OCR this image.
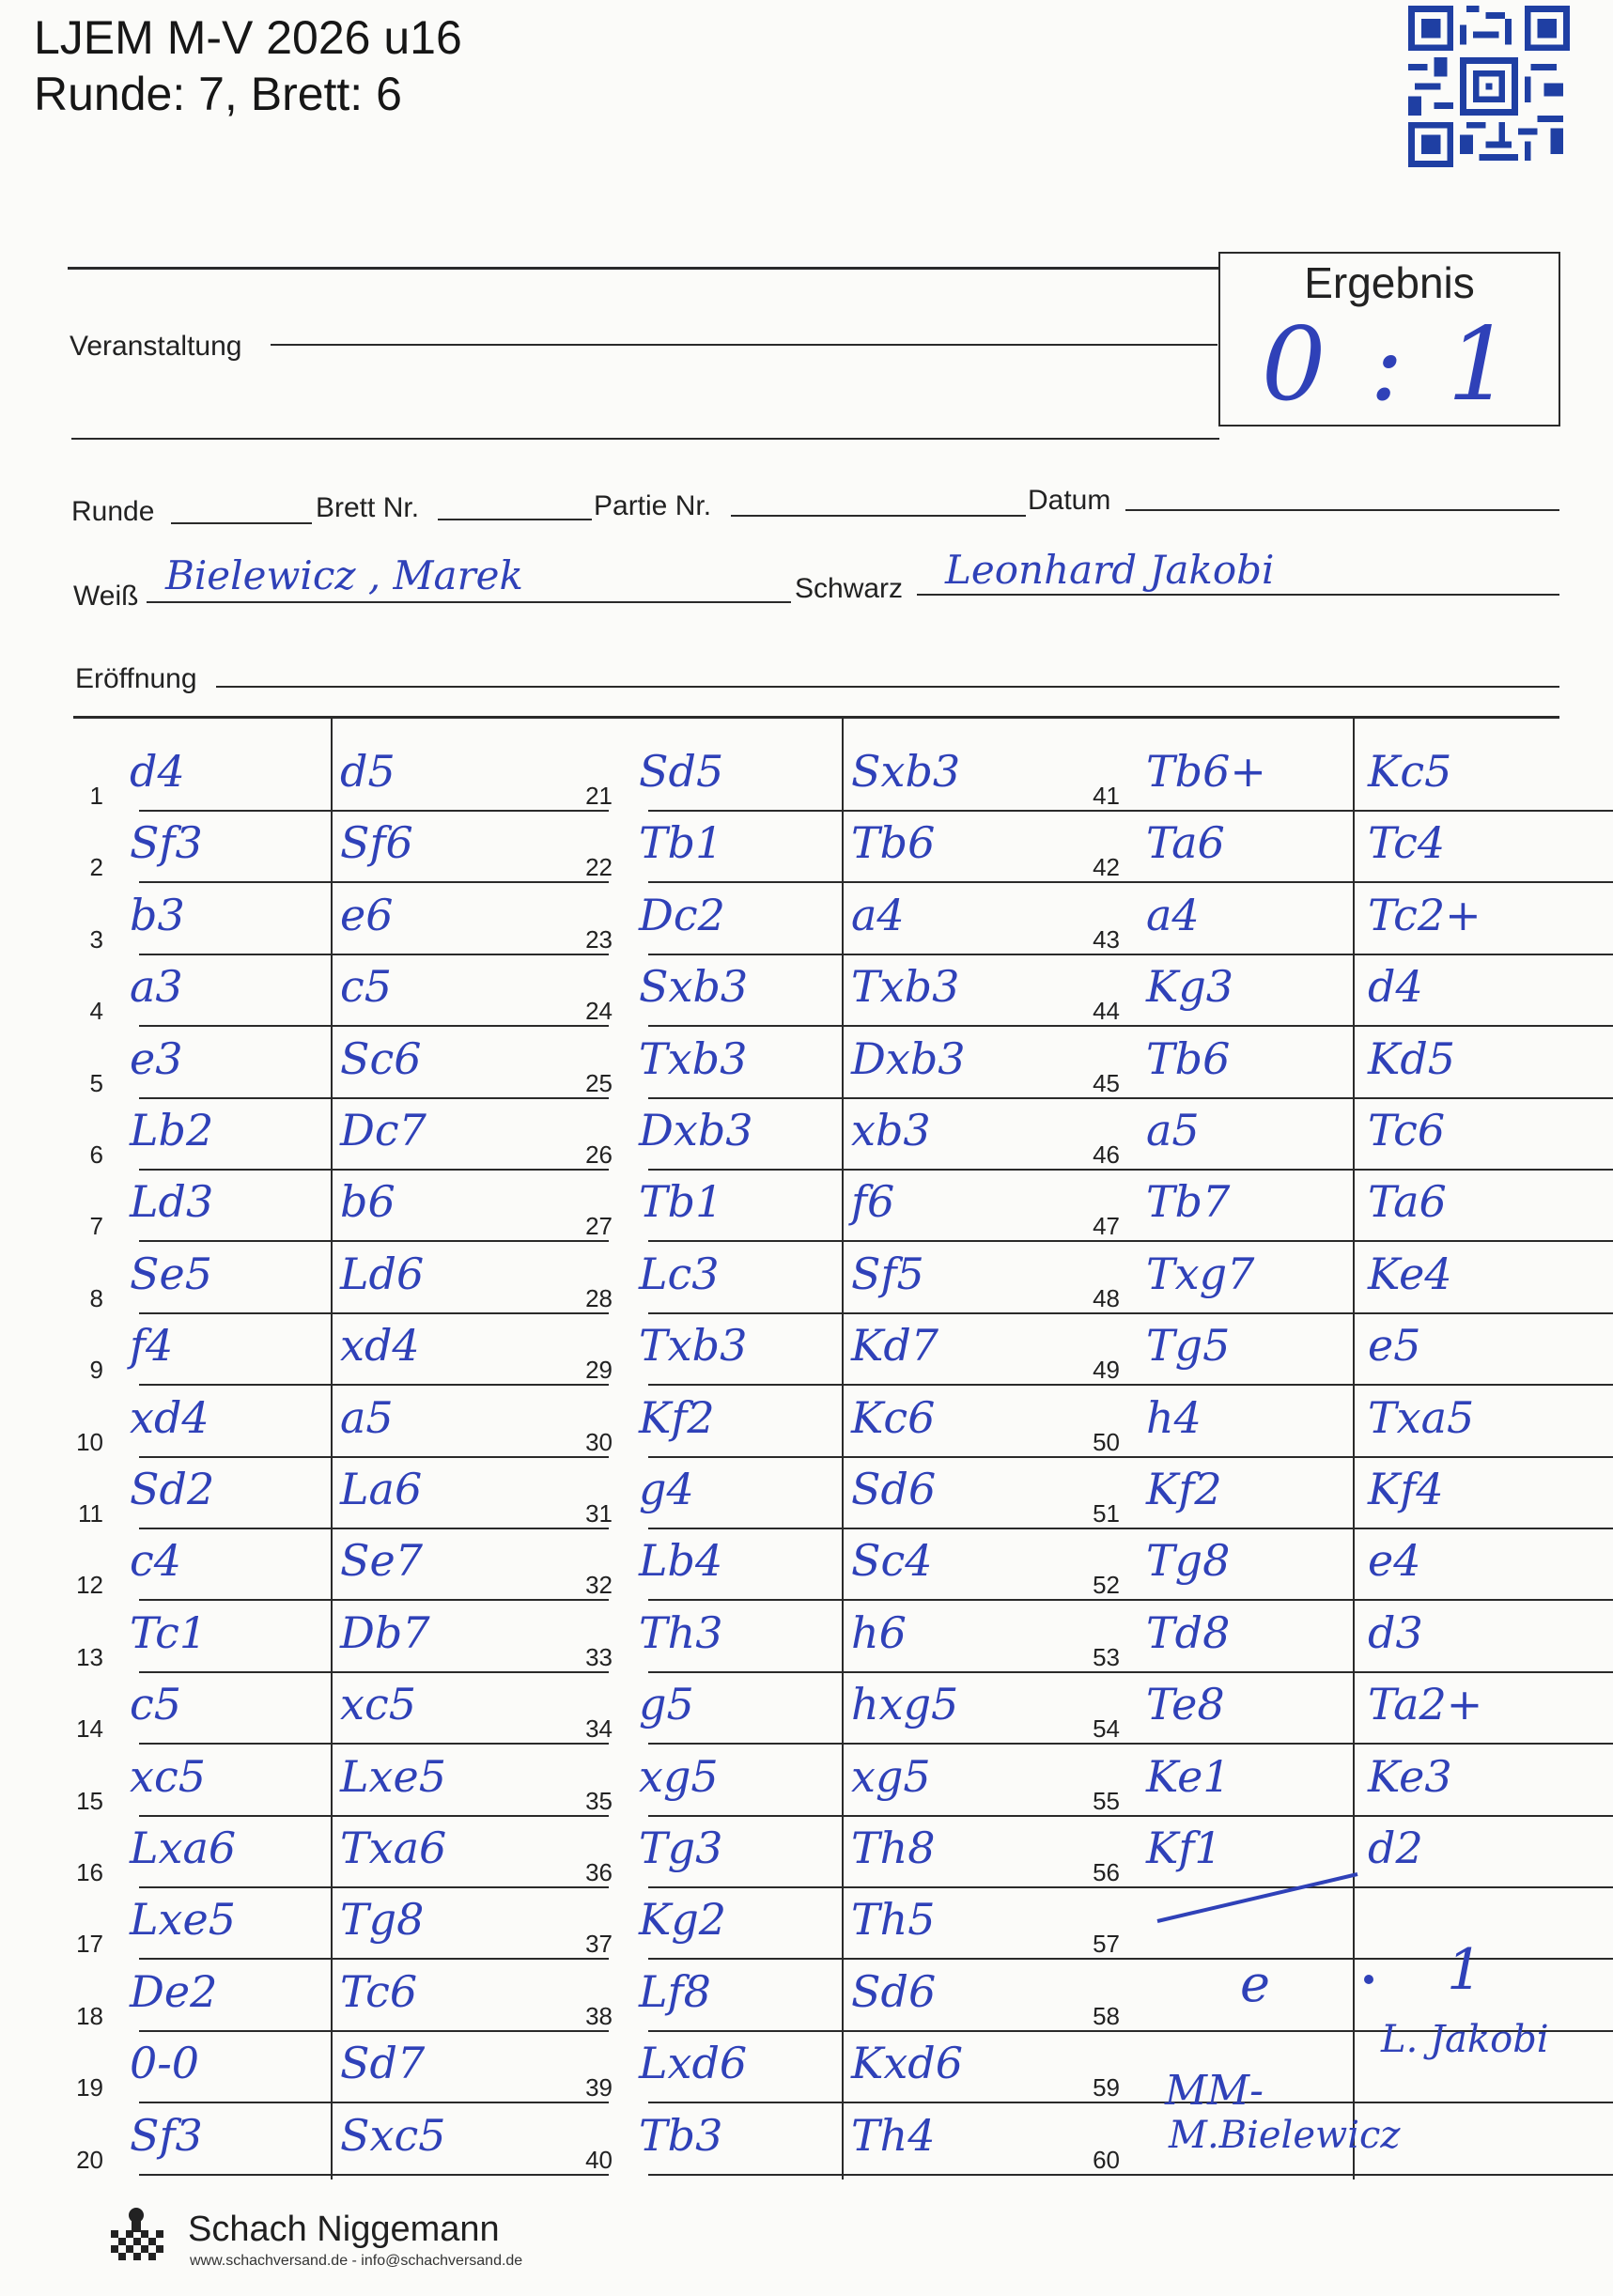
LJEM M-V 2026 u16
Runde: 7, Brett: 6
Veranstaltung
Ergebnis
0 : 1
Runde	Brett Nr.	Partie Nr.	Datum
Weiß Bielewicz , Marek	Schwarz Leonhard Jakobi
Eröffnung
1 d4	d5
2 Sf3	Sf6
3 b3	e6
4 a3	c5
5 e3	Sc6
6 Lb2	Dc7
7 Ld3	b6
8 Se5	Ld6
9 f4	xd4
10 xd4	a5
11 Sd2	La6
12 c4	Se7
13 Tc1	Db7
14 c5	xc5
15 xc5	Lxe5
16 Lxa6 Txa6
17 Lxe5 Tg8
18 De2	Tc6
19 0-0	Sd7
20 Sf3	Sxc5
21 Sd5	Sxb3
22 Tb1	Tb6
23 Dc2	a4
24 Sxb3 Txb3
25 Txb3 Dxb3
26 Dxb3 xb3
27 Tb1	f6
28 Lc3	Sf5
29 Txb3 Kd7
30 Kf2	Kc6
31 g4	Sd6
32 Lb4	Sc4
33 Th3	h6
34 g5	hxg5
35 xg5	xg5
36 Tg3	Th8
37 Kg2	Th5
38 Lf8	Sd6
39 Lxd6 Kxd6
40 Tb3	Th4
41 Tb6+ Kc5
42 Ta6	Tc4
43 a4	Tc2+
44 Kg3	d4
45 Tb6	Kd5
46 a5	Tc6
47 Tb7	Ta6
48 Txg7	Ke4
49 Tg5	e5
50 h4	Txa5
51 Kf2	Kf4
52 Tg8	e4
53 Td8	d3
54 Te8	Ta2+
55 Ke1	Ke3
56 Kf1	d2
57
58
59
60
e	1
L. Jakobi
MM-
M.Bielewicz
Schach Niggemann
www.schachversand.de - info@schachversand.de
